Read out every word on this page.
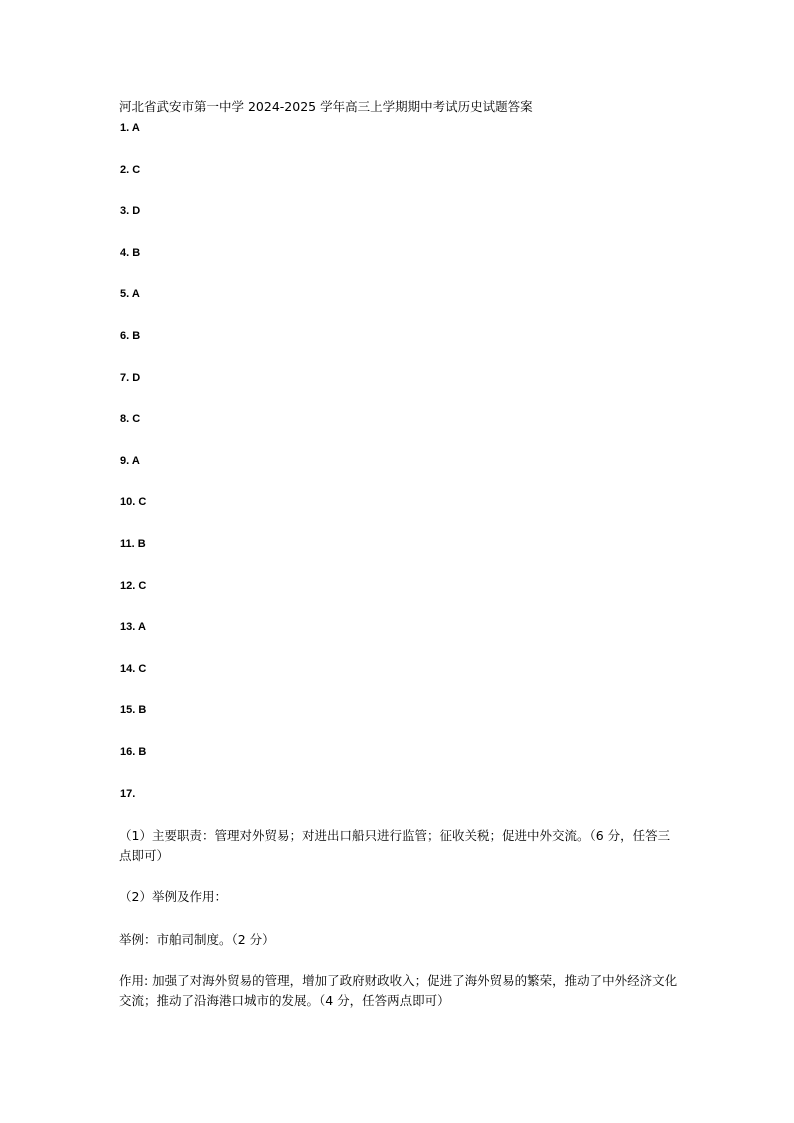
河北省武安市第一中学 2024-2025 学年高三上学期期中考试历史试题答案
1. A
2. C
3. D
4. B
5. A
6. B
7. D
8. C
9. A
10. C
11. B
12. C
13. A
14. C
15. B
16. B
17.

（1）主要职责：管理对外贸易；对进出口船只进行监管；征收关税；促进中外交流。（6 分，任答三点即可）

（2）举例及作用：

举例：市舶司制度。（2 分）

作用: 加强了对海外贸易的管理，增加了政府财政收入；促进了海外贸易的繁荣，推动了中外经济文化交流；推动了沿海港口城市的发展。（4 分，任答两点即可）
